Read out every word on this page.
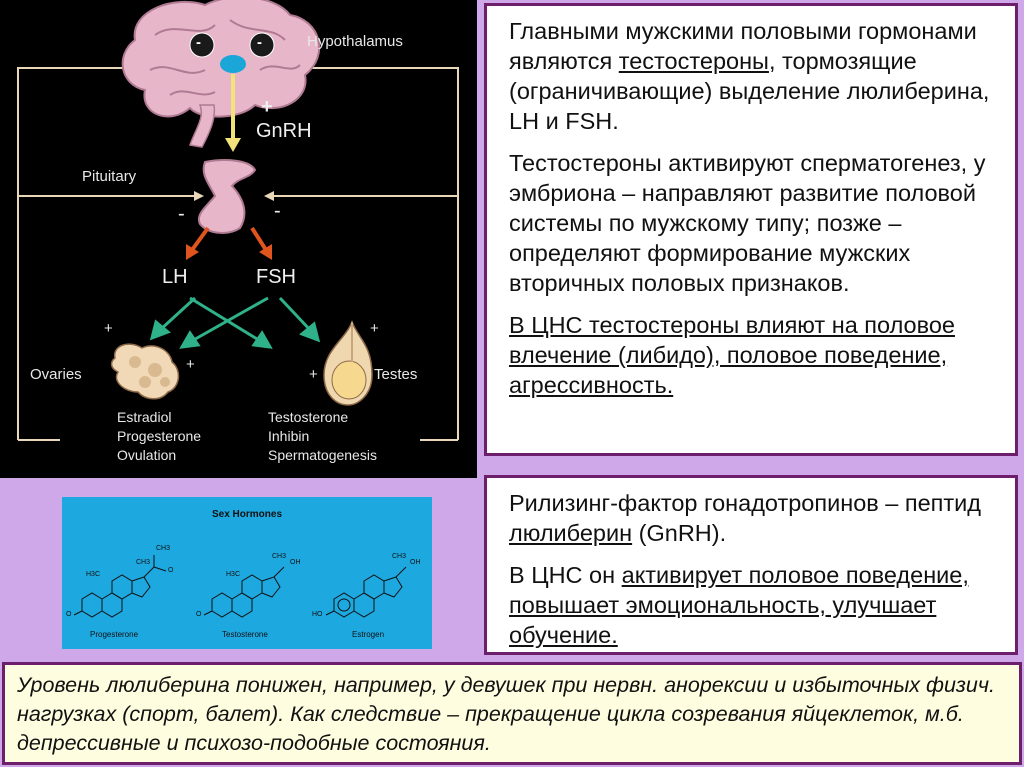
-	-	Hypothalamus
+
GnRH
Pituitary
-	-
LH	FSH
+
+
+
+
Ovaries	Testes
Estradiol
Progesterone
Ovulation
Testosterone
Inhibin
Spermatogenesis

Главными мужскими половыми гормонами являются тестостероны, тормозящие (ограничивающие) выделение люлиберина, LH и FSH.

Тестостероны активируют сперматогенез, у эмбриона – направляют развитие половой системы по мужскому типу; позже – определяют формирование мужских вторичных половых признаков.

В ЦНС тестостероны влияют на половое влечение (либидо), половое поведение, агрессивность.

Sex Hormones
CH3
CH3
O
H3C
O
CH3
OH
H3C
O
CH3
OH
HO
Progesterone	Testosterone	Estrogen

Рилизинг-фактор гонадотропинов – пептид люлиберин (GnRH).

В ЦНС он активирует половое поведение, повышает эмоциональность, улучшает обучение.

Уровень люлиберина понижен, например, у девушек при нервн. анорексии и избыточных физич. нагрузках (спорт, балет). Как следствие – прекращение цикла созревания яйцеклеток, м.б. депрессивные и психозо-подобные состояния.
